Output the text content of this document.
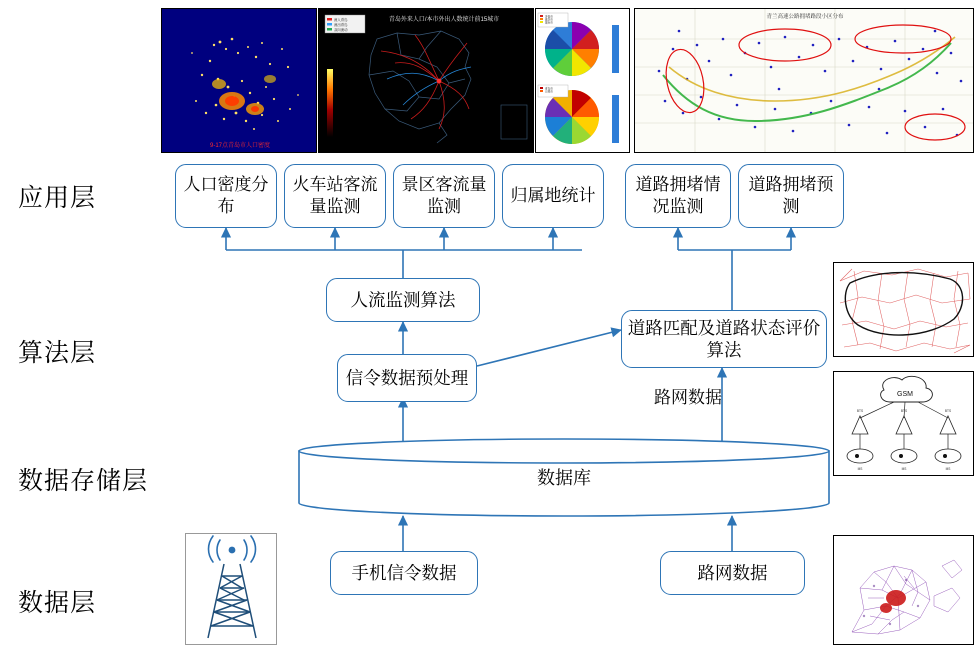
9-17点青岛市人口密度
青岛外来人口/本市外出人数统计前15城市
流入青岛
流出青岛
双向流动
济南市
潍坊市
烟台市
青岛市
日照市
青兰高速公路拥堵路段小区分布
GSM
BTS	BTS	BTS
MS	MS	MS
应用层
算法层
数据存储层
数据层
人口密度分布
火车站客流量监测
景区客流量监测
归属地统计
道路拥堵情况监测
道路拥堵预测
人流监测算法
信令数据预处理
道路匹配及道路状态评价算法
路网数据
数据库
手机信令数据	路网数据
